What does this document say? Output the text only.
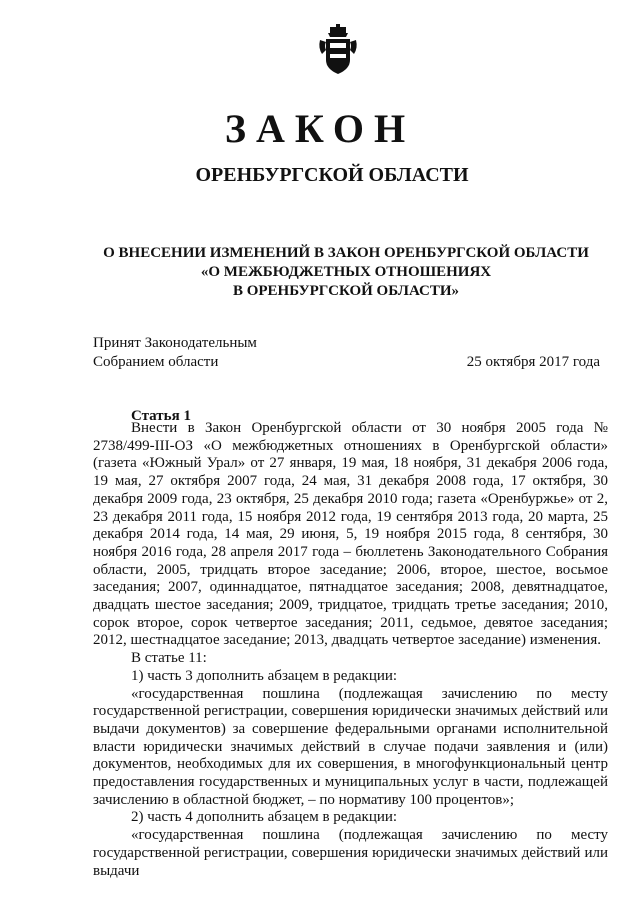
ЗАКОН
ОРЕНБУРГСКОЙ ОБЛАСТИ
О ВНЕСЕНИИ ИЗМЕНЕНИЙ В ЗАКОН ОРЕНБУРГСКОЙ ОБЛАСТИ
«О МЕЖБЮДЖЕТНЫХ ОТНОШЕНИЯХ
В ОРЕНБУРГСКОЙ ОБЛАСТИ»
Принят Законодательным
Собранием области	25 октября 2017 года
Статья 1

Внести в Закон Оренбургской области от 30 ноября 2005 года № 2738/499-III-ОЗ «О межбюджетных отношениях в Оренбургской области» (газета «Южный Урал» от 27 января, 19 мая, 18 ноября, 31 декабря 2006 года, 19 мая, 27 октября 2007 года, 24 мая, 31 декабря 2008 года, 17 октября, 30 декабря 2009 года, 23 октября, 25 декабря 2010 года; газета «Оренбуржье» от 2, 23 декабря 2011 года, 15 ноября 2012 года, 19 сентября 2013 года, 20 марта, 25 декабря 2014 года, 14 мая, 29 июня, 5, 19 ноября 2015 года, 8 сентября, 30 ноября 2016 года, 28 апреля 2017 года – бюллетень Законодательного Собрания области, 2005, тридцать второе заседание; 2006, второе, шестое, восьмое заседания; 2007, одиннадцатое, пятнадцатое заседания; 2008, девятнадцатое, двадцать шестое заседания; 2009, тридцатое, тридцать третье заседания; 2010, сорок второе, сорок четвертое заседания; 2011, седьмое, девятое заседания; 2012, шестнадцатое заседание; 2013, двадцать четвертое заседание) изменения.

В статье 11:

1) часть 3 дополнить абзацем в редакции:

«государственная пошлина (подлежащая зачислению по месту государственной регистрации, совершения юридически значимых действий или выдачи документов) за совершение федеральными органами исполнительной власти юридически значимых действий в случае подачи заявления и (или) документов, необходимых для их совершения, в многофункциональный центр предоставления государственных и муниципальных услуг в части, подлежащей зачислению в областной бюджет, – по нормативу 100 процентов»;

2) часть 4 дополнить абзацем в редакции:

«государственная пошлина (подлежащая зачислению по месту государственной регистрации, совершения юридически значимых действий или выдачи
